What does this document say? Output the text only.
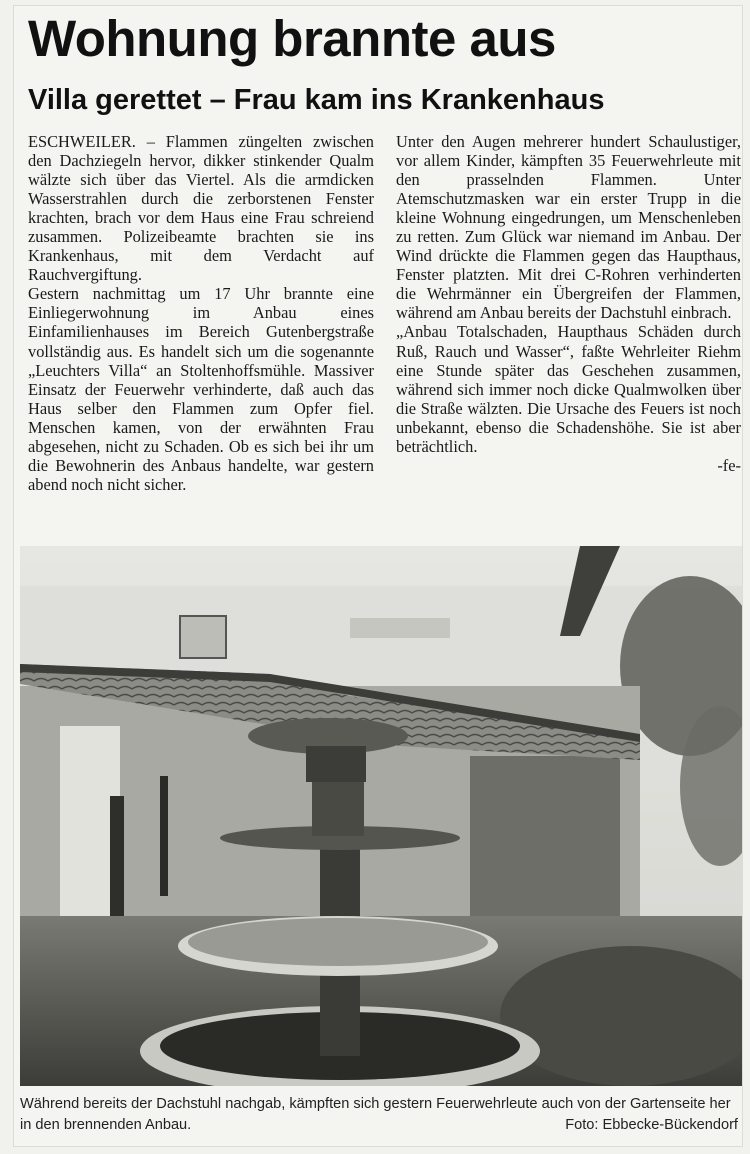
Wohnung brannte aus
Villa gerettet – Frau kam ins Krankenhaus

ESCHWEILER. – Flammen züngelten zwischen den Dachziegeln hervor, dikker stinkender Qualm wälzte sich über das Viertel. Als die armdicken Wasserstrahlen durch die zerborstenen Fenster krachten, brach vor dem Haus eine Frau schreiend zusammen. Polizeibeamte brachten sie ins Krankenhaus, mit dem Verdacht auf Rauchvergiftung.

Gestern nachmittag um 17 Uhr brannte eine Einliegerwohnung im Anbau eines Einfamilienhauses im Bereich Gutenbergstraße vollständig aus. Es handelt sich um die sogenannte „Leuchters Villa“ an Stoltenhoffsmühle. Massiver Einsatz der Feuerwehr verhinderte, daß auch das Haus selber den Flammen zum Opfer fiel. Menschen kamen, von der erwähnten Frau abgesehen, nicht zu Schaden. Ob es sich bei ihr um die Bewohnerin des Anbaus handelte, war gestern abend noch nicht sicher.

Unter den Augen mehrerer hundert Schaulustiger, vor allem Kinder, kämpften 35 Feuerwehrleute mit den prasselnden Flammen. Unter Atemschutzmasken war ein erster Trupp in die kleine Wohnung eingedrungen, um Menschenleben zu retten. Zum Glück war niemand im Anbau. Der Wind drückte die Flammen gegen das Haupthaus, Fenster platzten. Mit drei C-Rohren verhinderten die Wehrmänner ein Übergreifen der Flammen, während am Anbau bereits der Dachstuhl einbrach.

„Anbau Totalschaden, Haupthaus Schäden durch Ruß, Rauch und Wasser“, faßte Wehrleiter Riehm eine Stunde später das Geschehen zusammen, während sich immer noch dicke Qualmwolken über die Straße wälzten. Die Ursache des Feuers ist noch unbekannt, ebenso die Schadenshöhe. Sie ist aber beträchtlich.

-fe-

Während bereits der Dachstuhl nachgab, kämpften sich gestern Feuerwehrleute auch von der Gartenseite her in den brennenden Anbau.	Foto: Ebbecke-Bückendorf
